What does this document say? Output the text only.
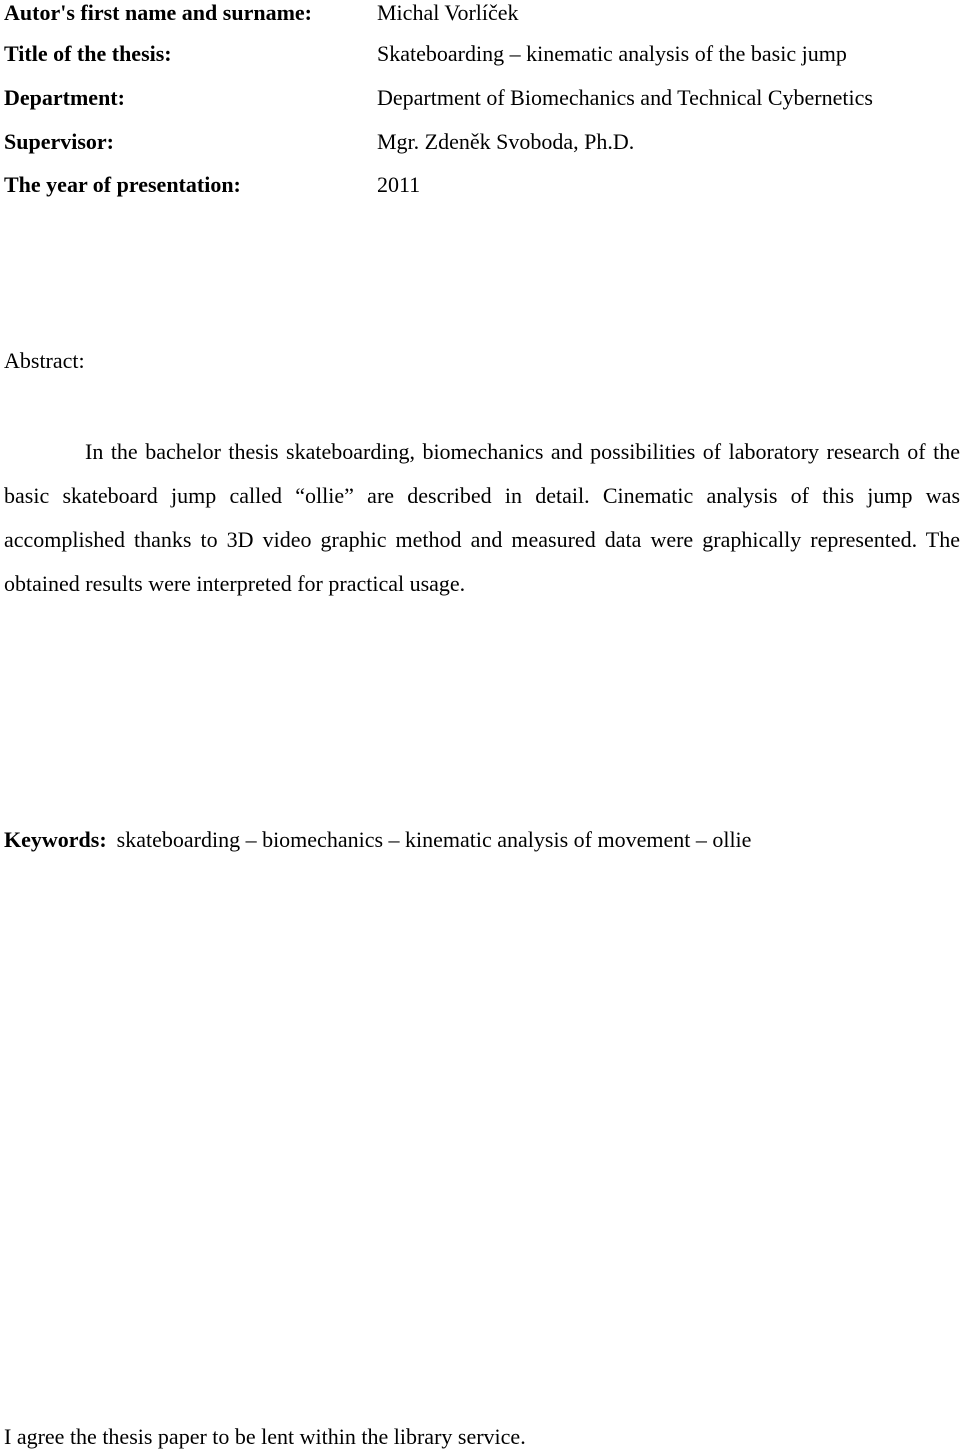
Autor's first name and surname:	Michal Vorlíček
Title of the thesis:	Skateboarding – kinematic analysis of the basic jump
Department:	Department of Biomechanics and Technical Cybernetics
Supervisor:	Mgr. Zdeněk Svoboda, Ph.D.
The year of presentation:	2011
Abstract:
In the bachelor thesis skateboarding, biomechanics and possibilities of laboratory research of the basic skateboard jump called “ollie” are described in detail. Cinematic analysis of this jump was accomplished thanks to 3D video graphic method and measured data were graphically represented. The obtained results were interpreted for practical usage.
Keywords: skateboarding – biomechanics – kinematic analysis of movement – ollie
I agree the thesis paper to be lent within the library service.
